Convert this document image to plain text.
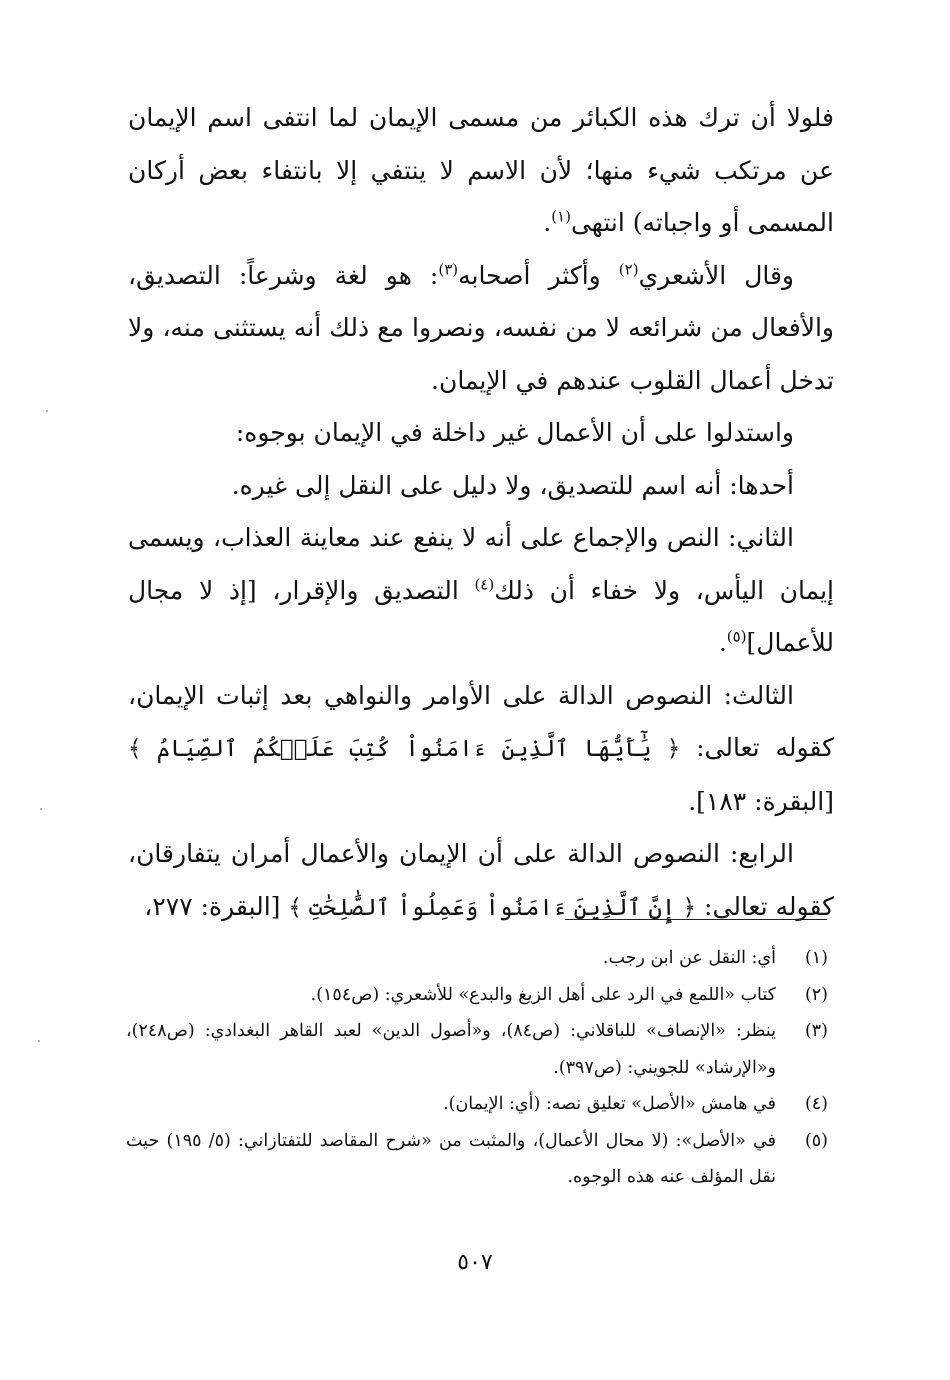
فلولا أن ترك هذه الكبائر من مسمى الإيمان لما انتفى اسم الإيمان عن مرتكب شيء منها؛ لأن الاسم لا ينتفي إلا بانتفاء بعض أركان المسمى أو واجباته) انتهى$^{(١)}$.

وقال الأشعري$^{(٢)}$ وأكثر أصحابه$^{(٣)}$: هو لغة وشرعاً: التصديق، والأفعال من شرائعه لا من نفسه، ونصروا مع ذلك أنه يستثنى منه، ولا تدخل أعمال القلوب عندهم في الإيمان.

واستدلوا على أن الأعمال غير داخلة في الإيمان بوجوه:

أحدها: أنه اسم للتصديق، ولا دليل على النقل إلى غيره.

الثاني: النص والإجماع على أنه لا ينفع عند معاينة العذاب، ويسمى إيمان اليأس، ولا خفاء أن ذلك$^{(٤)}$ التصديق والإقرار، [إذ لا مجال للأعمال]$^{(٥)}$.

الثالث: النصوص الدالة على الأوامر والنواهي بعد إثبات الإيمان، كقوله تعالى: ﴿ يَٰٓأَيُّهَا ٱلَّذِينَ ءَامَنُواْ كُتِبَ عَلَيۡكُمُ ٱلصِّيَامُ ﴾ [البقرة: ١٨٣].

الرابع: النصوص الدالة على أن الإيمان والأعمال أمران يتفارقان، كقوله تعالى: ﴿ إِنَّ ٱلَّذِينَ ءَامَنُواْ وَعَمِلُواْ ٱلصَّٰلِحَٰتِ ﴾ [البقرة: ٢٧٧،

(١)
أي: النقل عن ابن رجب.
(٢)
كتاب «اللمع في الرد على أهل الزيغ والبدع» للأشعري: (ص١٥٤).
(٣)
ينظر: «الإنصاف» للباقلاني: (ص٨٤)، و«أصول الدين» لعبد القاهر البغدادي: (ص٢٤٨)، و«الإرشاد» للجويني: (ص٣٩٧).
(٤)
في هامش «الأصل» تعليق نصه: (أي: الإيمان).
(٥)
في «الأصل»: (لا محال الأعمال)، والمثبت من «شرح المقاصد للتفتازاني: (٥/ ١٩٥) حيث نقل المؤلف عنه هذه الوجوه.
٥٠٧
